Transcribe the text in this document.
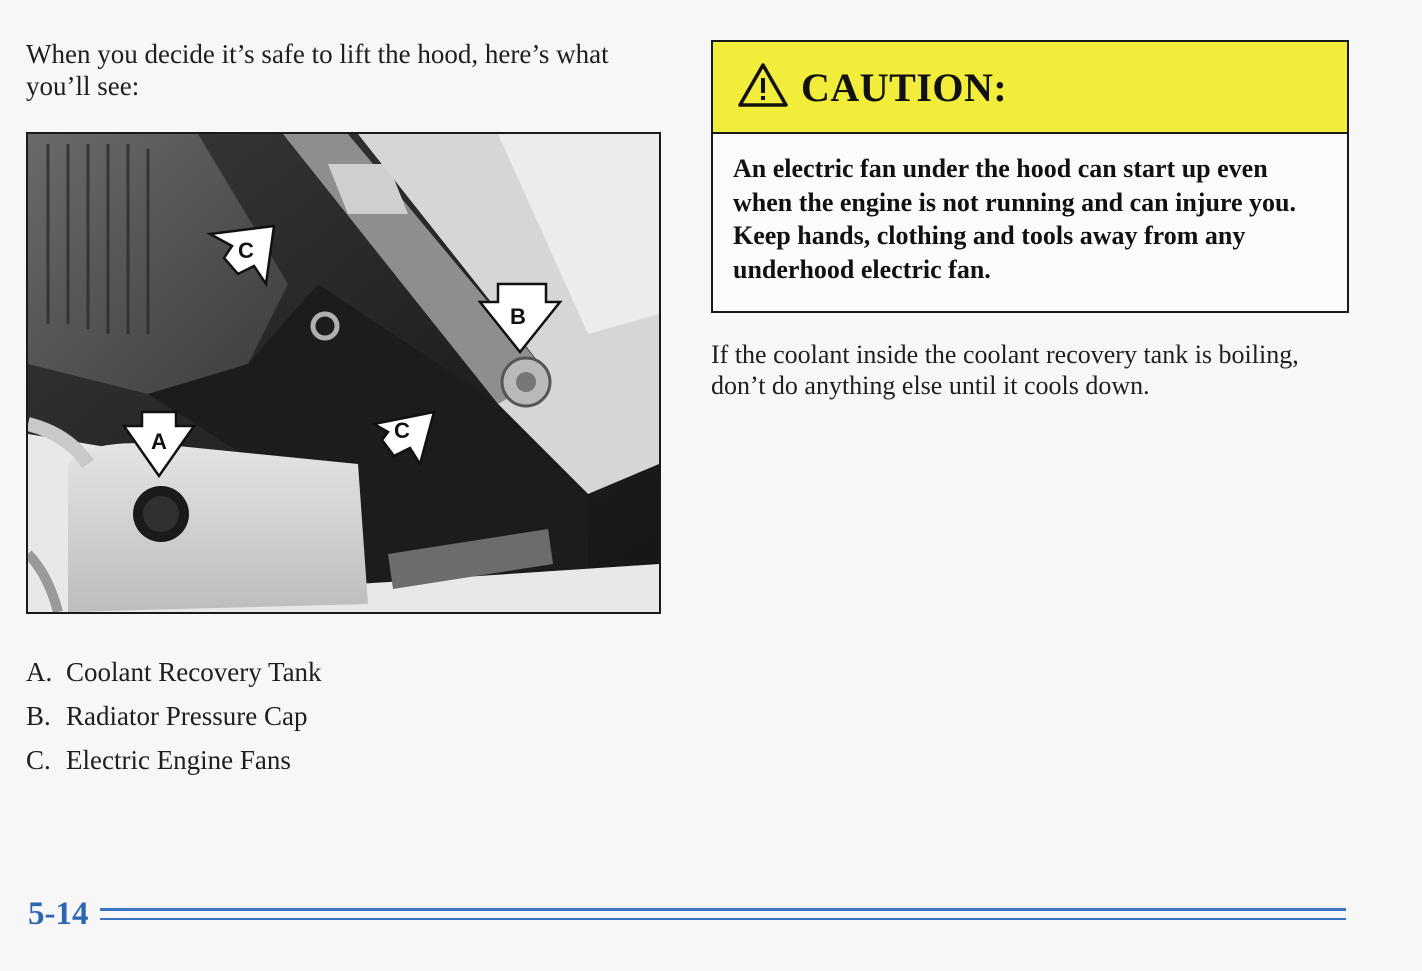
When you decide it’s safe to lift the hood, here’s what you’ll see:

C
B
C
A
A. Coolant Recovery Tank
B. Radiator Pressure Cap
C. Electric Engine Fans
CAUTION:

An electric fan under the hood can start up even when the engine is not running and can injure you. Keep hands, clothing and tools away from any underhood electric fan.

If the coolant inside the coolant recovery tank is boiling, don’t do anything else until it cools down.

5-14
